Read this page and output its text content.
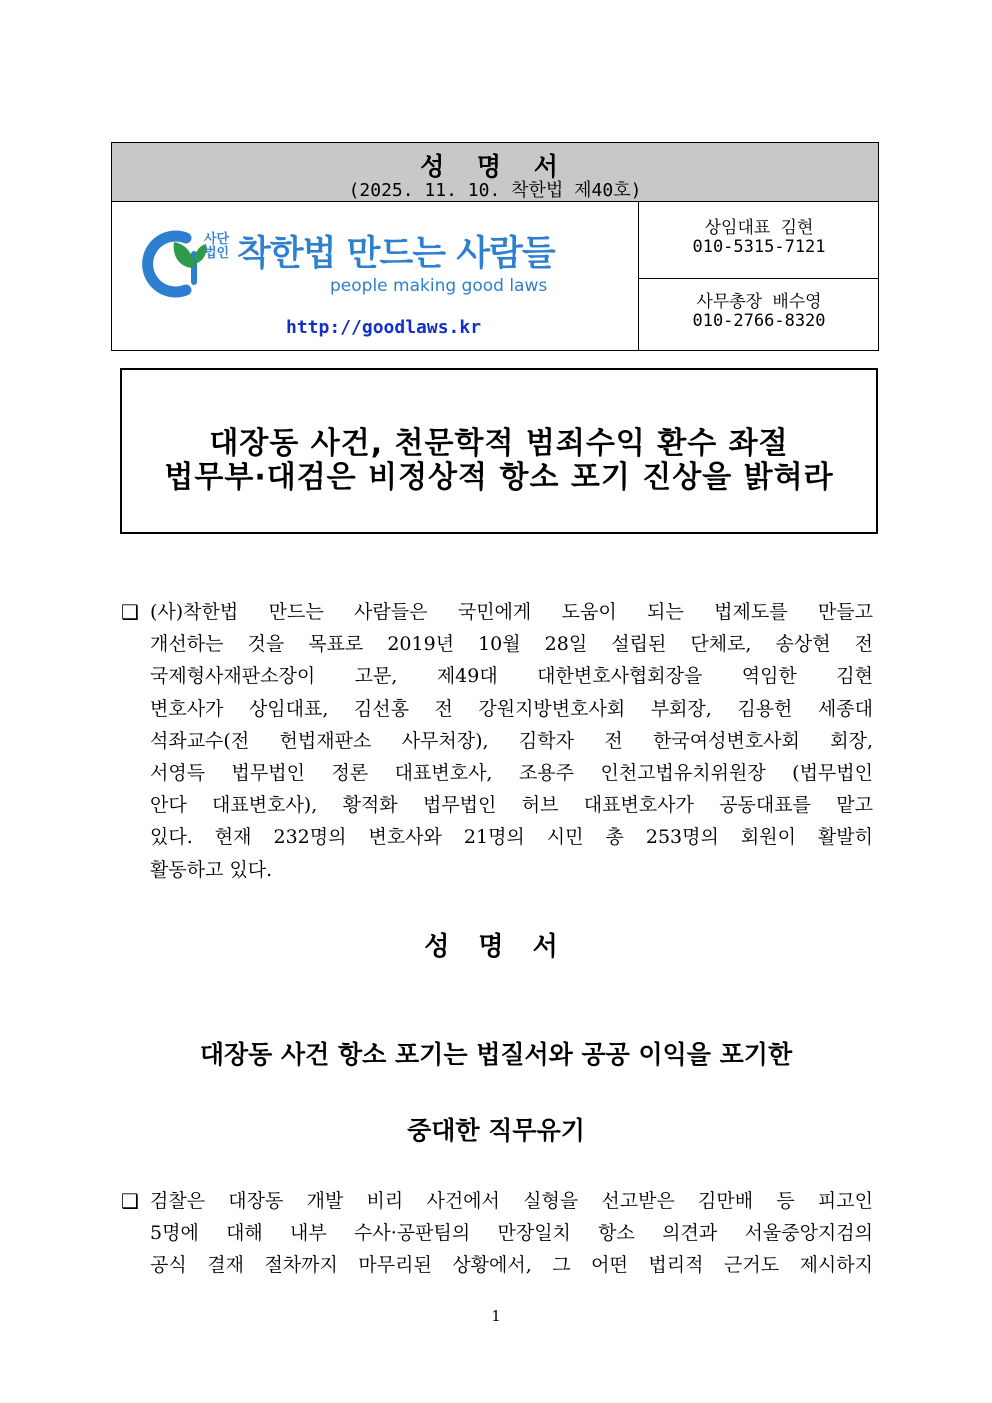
성 명 서
(2025. 11. 10. 착한법 제40호)
사단
법인 착한법 만드는 사람들
people making good laws
http://goodlaws.kr
상임대표 김현
010-5315-7121
사무총장 배수영
010-2766-8320
대장동 사건, 천문학적 범죄수익 환수 좌절
법무부·대검은 비정상적 항소 포기 진상을 밝혀라
❑ (사)착한법 만드는 사람들은 국민에게 도움이 되는 법제도를 만들고
개선하는 것을 목표로 2019년 10월 28일 설립된 단체로, 송상현 전
국제형사재판소장이 고문, 제49대 대한변호사협회장을 역임한 김현
변호사가 상임대표, 김선홍 전 강원지방변호사회 부회장, 김용헌 세종대
석좌교수(전 헌법재판소 사무처장), 김학자 전 한국여성변호사회 회장,
서영득 법무법인 정론 대표변호사, 조용주 인천고법유치위원장 (법무법인
안다 대표변호사), 황적화 법무법인 허브 대표변호사가 공동대표를 맡고
있다. 현재 232명의 변호사와 21명의 시민 총 253명의 회원이 활발히
활동하고 있다.
성 명 서
대장동 사건 항소 포기는 법질서와 공공 이익을 포기한
중대한 직무유기
❑ 검찰은 대장동 개발 비리 사건에서 실형을 선고받은 김만배 등 피고인
5명에 대해 내부 수사·공판팀의 만장일치 항소 의견과 서울중앙지검의
공식 결재 절차까지 마무리된 상황에서, 그 어떤 법리적 근거도 제시하지
1
